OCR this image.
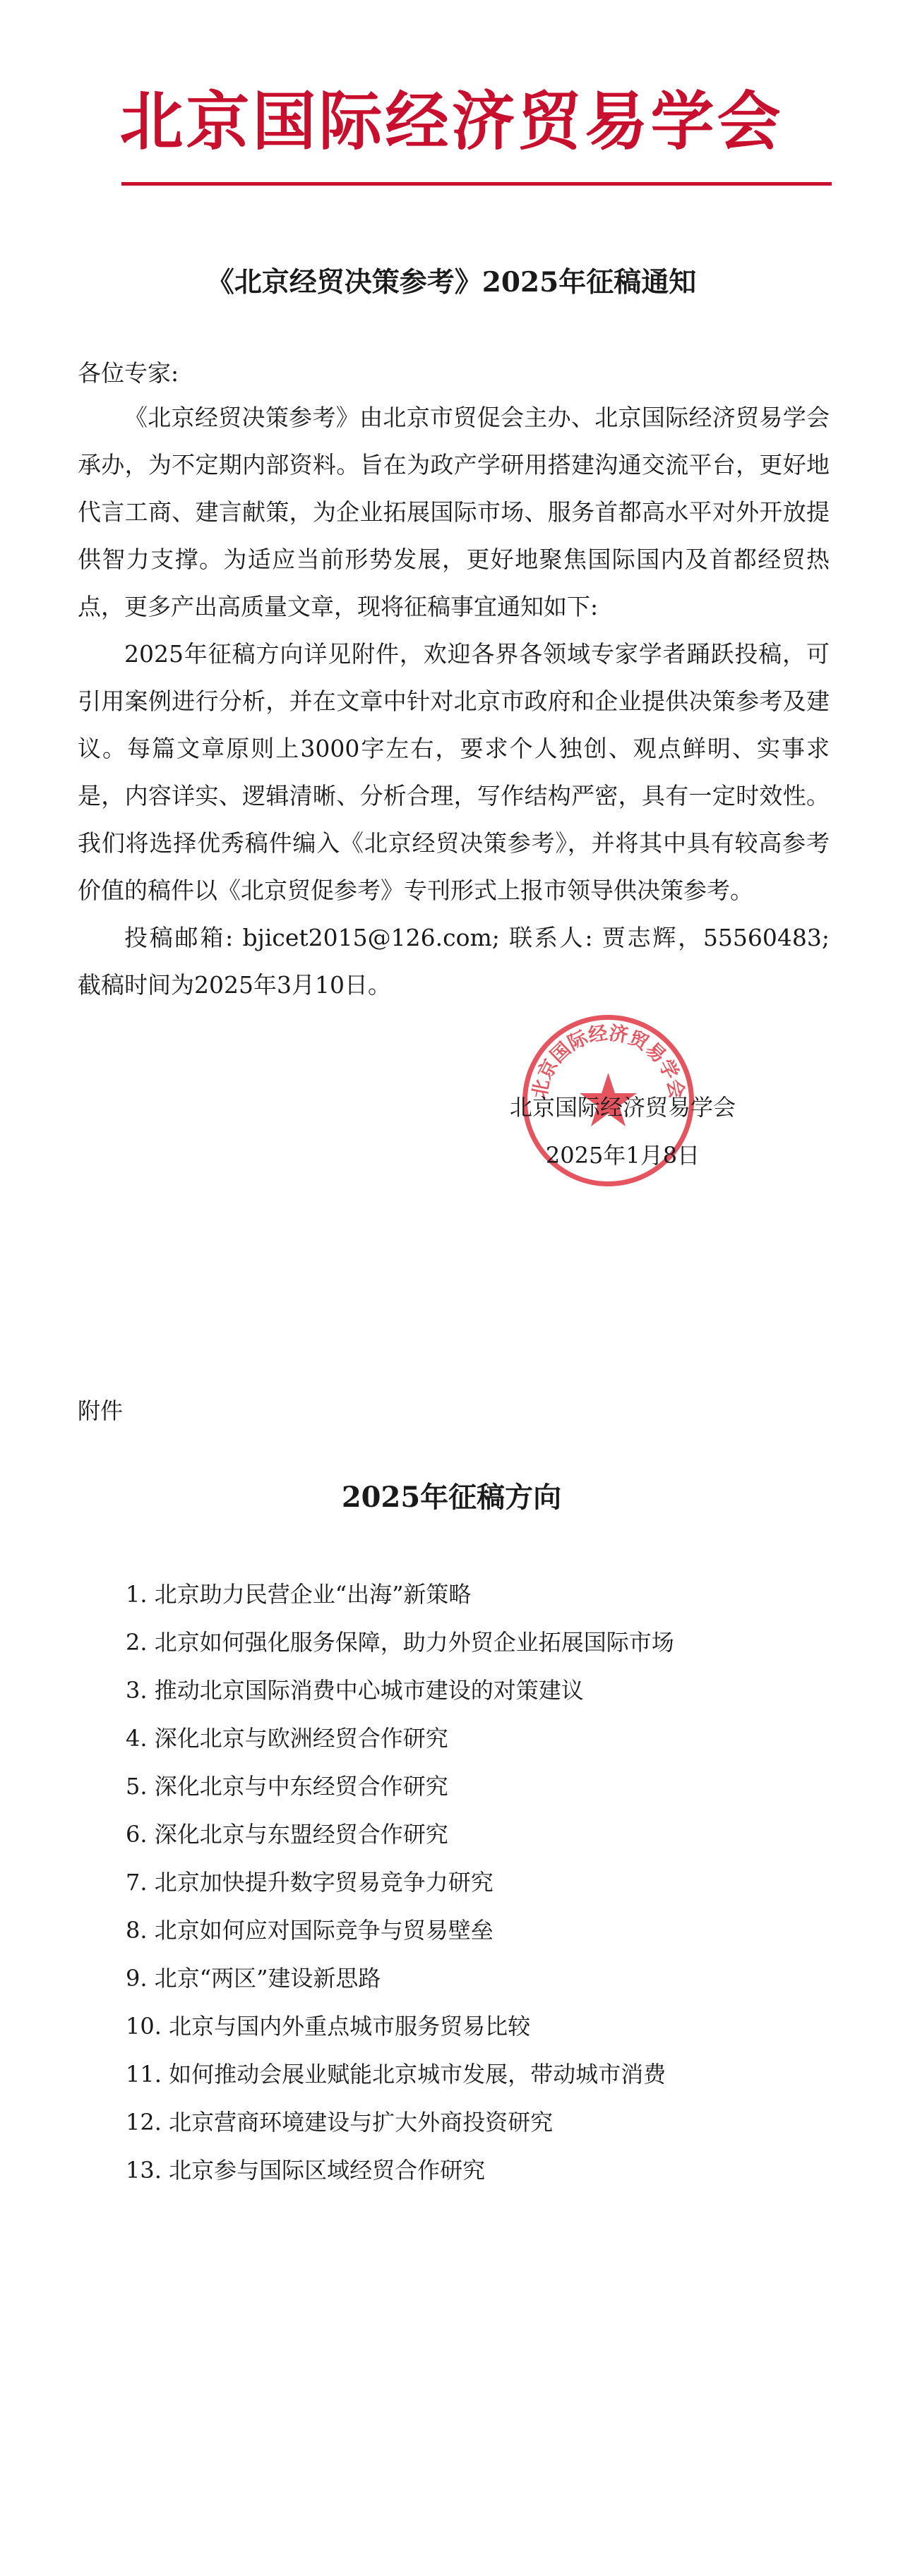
北京国际经济贸易学会
《北京经贸决策参考》2025年征稿通知
各位专家:

《北京经贸决策参考》由北京市贸促会主办、北京国际经济贸易学会承办，为不定期内部资料。旨在为政产学研用搭建沟通交流平台，更好地代言工商、建言献策，为企业拓展国际市场、服务首都高水平对外开放提供智力支撑。为适应当前形势发展，更好地聚焦国际国内及首都经贸热点，更多产出高质量文章，现将征稿事宜通知如下:

2025年征稿方向详见附件，欢迎各界各领域专家学者踊跃投稿，可引用案例进行分析，并在文章中针对北京市政府和企业提供决策参考及建议。每篇文章原则上3000字左右，要求个人独创、观点鲜明、实事求是，内容详实、逻辑清晰、分析合理，写作结构严密，具有一定时效性。我们将选择优秀稿件编入《北京经贸决策参考》，并将其中具有较高参考价值的稿件以《北京贸促参考》专刊形式上报市领导供决策参考。

投稿邮箱: bjicet2015@126.com; 联系人: 贾志辉，55560483; 截稿时间为2025年3月10日。

北京国际经济贸易学会
北京国际经济贸易学会
2025年1月8日
附件
2025年征稿方向
1. 北京助力民营企业“出海”新策略
2. 北京如何强化服务保障，助力外贸企业拓展国际市场
3. 推动北京国际消费中心城市建设的对策建议
4. 深化北京与欧洲经贸合作研究
5. 深化北京与中东经贸合作研究
6. 深化北京与东盟经贸合作研究
7. 北京加快提升数字贸易竞争力研究
8. 北京如何应对国际竞争与贸易壁垒
9. 北京“两区”建设新思路
10. 北京与国内外重点城市服务贸易比较
11. 如何推动会展业赋能北京城市发展，带动城市消费
12. 北京营商环境建设与扩大外商投资研究
13. 北京参与国际区域经贸合作研究
